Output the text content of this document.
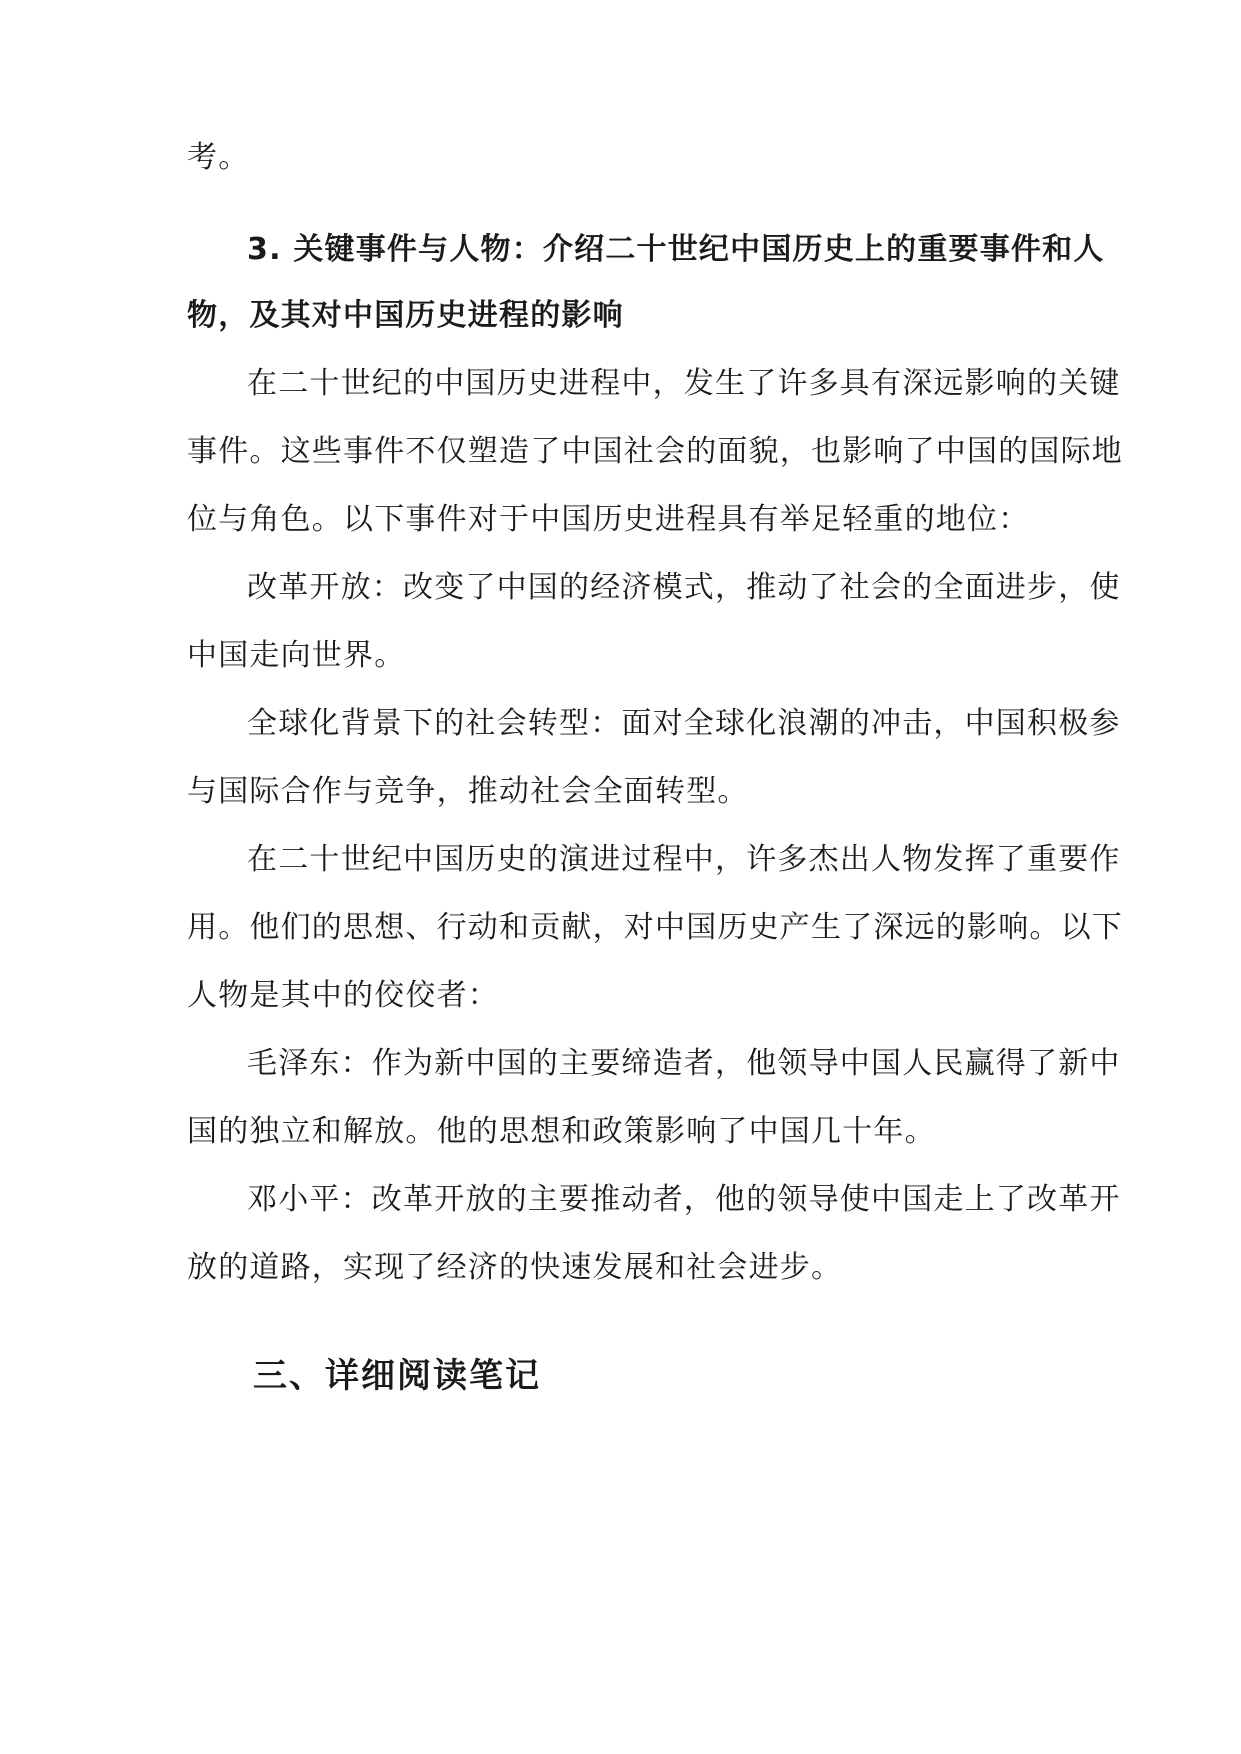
考。
3. 关键事件与人物：介绍二十世纪中国历史上的重要事件和人
物，及其对中国历史进程的影响
在二十世纪的中国历史进程中，发生了许多具有深远影响的关键
事件。这些事件不仅塑造了中国社会的面貌，也影响了中国的国际地
位与角色。以下事件对于中国历史进程具有举足轻重的地位：
改革开放：改变了中国的经济模式，推动了社会的全面进步，使
中国走向世界。
全球化背景下的社会转型：面对全球化浪潮的冲击，中国积极参
与国际合作与竞争，推动社会全面转型。
在二十世纪中国历史的演进过程中，许多杰出人物发挥了重要作
用。他们的思想、行动和贡献，对中国历史产生了深远的影响。以下
人物是其中的佼佼者：
毛泽东：作为新中国的主要缔造者，他领导中国人民赢得了新中
国的独立和解放。他的思想和政策影响了中国几十年。
邓小平：改革开放的主要推动者，他的领导使中国走上了改革开
放的道路，实现了经济的快速发展和社会进步。
三、详细阅读笔记
